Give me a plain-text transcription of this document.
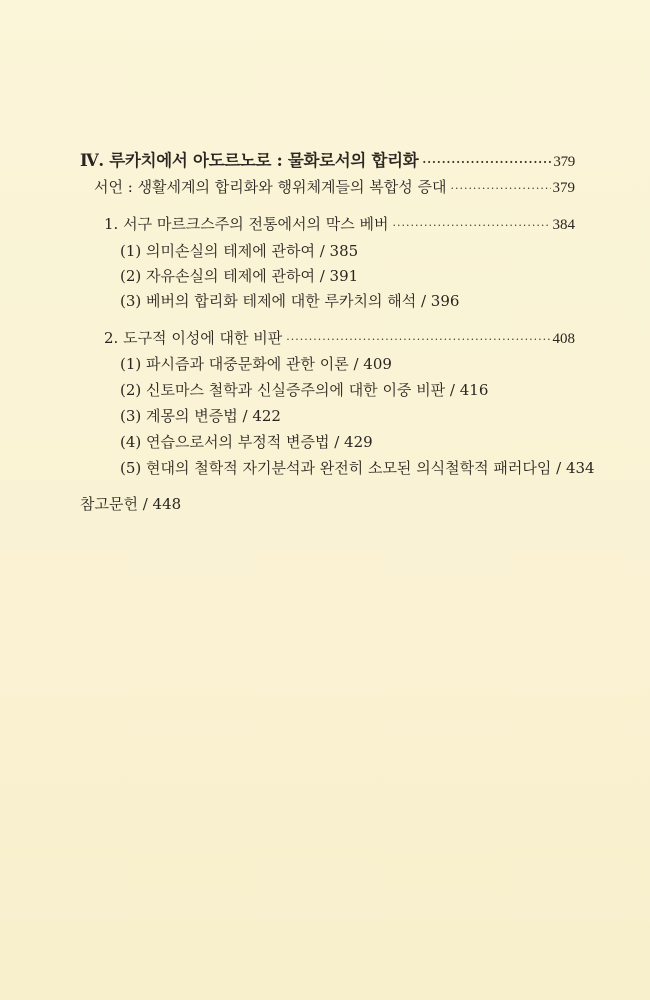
Ⅳ. 루카치에서 아도르노로 : 물화로서의 합리화 ·····	379
서언 : 생활세계의 합리화와 행위체계들의 복합성 증대 ·····	379
1. 서구 마르크스주의 전통에서의 막스 베버 ·····	384
(1) 의미손실의 테제에 관하여 / 385
(2) 자유손실의 테제에 관하여 / 391
(3) 베버의 합리화 테제에 대한 루카치의 해석 / 396
2. 도구적 이성에 대한 비판 ·····	408
(1) 파시즘과 대중문화에 관한 이론 / 409
(2) 신토마스 철학과 신실증주의에 대한 이중 비판 / 416
(3) 계몽의 변증법 / 422
(4) 연습으로서의 부정적 변증법 / 429
(5) 현대의 철학적 자기분석과 완전히 소모된 의식철학적 패러다임 / 434
참고문헌 / 448
